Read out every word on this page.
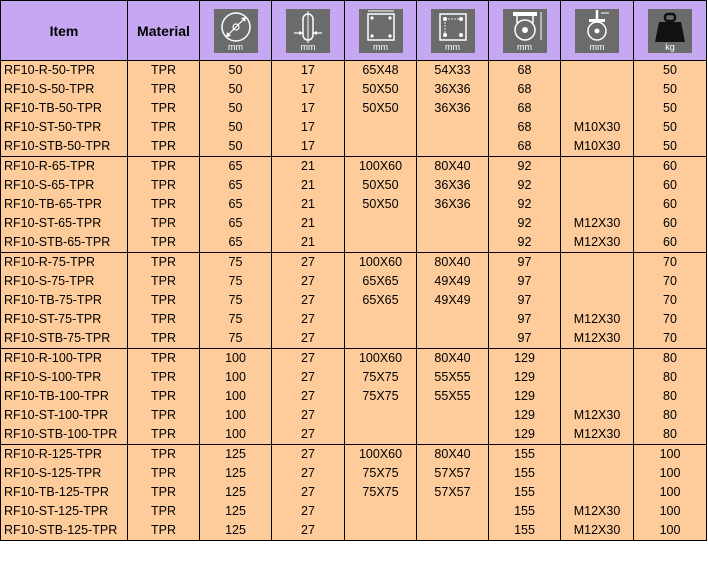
Item	Material	mm	mm	mm	mm	mm	mm	kg

RF10-R-50-TPR	TPR	50	17	65X48	54X33	68		50
RF10-S-50-TPR	TPR	50	17	50X50	36X36	68		50
RF10-TB-50-TPR	TPR	50	17	50X50	36X36	68		50
RF10-ST-50-TPR	TPR	50	17			68	M10X30	50
RF10-STB-50-TPR	TPR	50	17			68	M10X30	50
RF10-R-65-TPR	TPR	65	21	100X60	80X40	92		60
RF10-S-65-TPR	TPR	65	21	50X50	36X36	92		60
RF10-TB-65-TPR	TPR	65	21	50X50	36X36	92		60
RF10-ST-65-TPR	TPR	65	21			92	M12X30	60
RF10-STB-65-TPR	TPR	65	21			92	M12X30	60
RF10-R-75-TPR	TPR	75	27	100X60	80X40	97		70
RF10-S-75-TPR	TPR	75	27	65X65	49X49	97		70
RF10-TB-75-TPR	TPR	75	27	65X65	49X49	97		70
RF10-ST-75-TPR	TPR	75	27			97	M12X30	70
RF10-STB-75-TPR	TPR	75	27			97	M12X30	70
RF10-R-100-TPR	TPR	100	27	100X60	80X40	129		80
RF10-S-100-TPR	TPR	100	27	75X75	55X55	129		80
RF10-TB-100-TPR	TPR	100	27	75X75	55X55	129		80
RF10-ST-100-TPR	TPR	100	27			129	M12X30	80
RF10-STB-100-TPR	TPR	100	27			129	M12X30	80
RF10-R-125-TPR	TPR	125	27	100X60	80X40	155		100
RF10-S-125-TPR	TPR	125	27	75X75	57X57	155		100
RF10-TB-125-TPR	TPR	125	27	75X75	57X57	155		100
RF10-ST-125-TPR	TPR	125	27			155	M12X30	100
RF10-STB-125-TPR	TPR	125	27			155	M12X30	100
